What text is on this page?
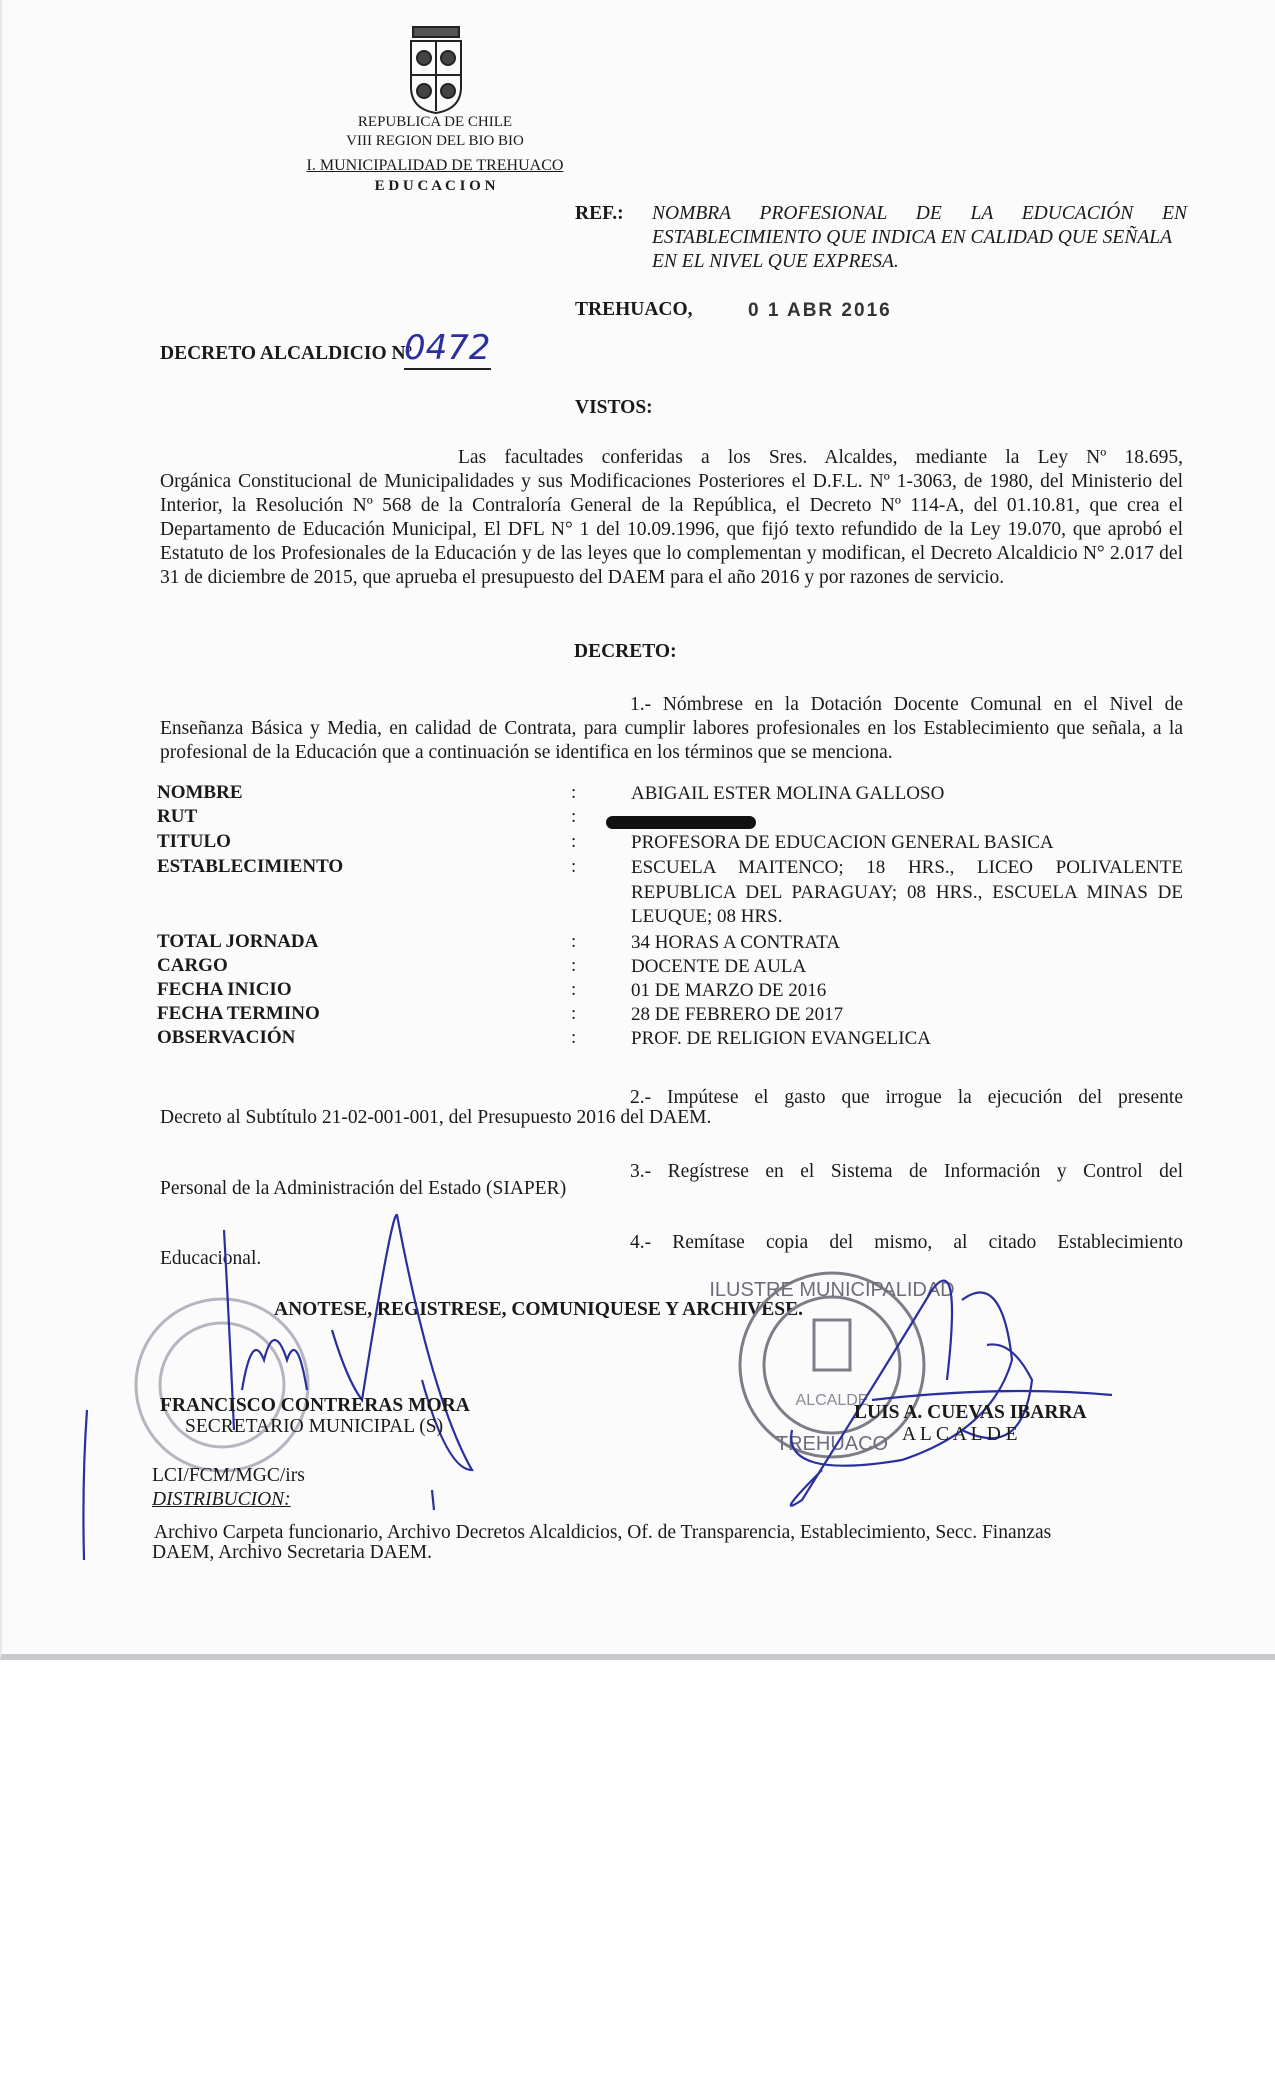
REPUBLICA DE CHILE
VIII REGION DEL BIO BIO
I. MUNICIPALIDAD DE TREHUACO
E D U C A C I O N
REF.: NOMBRA PROFESIONAL DE LA EDUCACIÓN EN
ESTABLECIMIENTO QUE INDICA EN CALIDAD QUE SEÑALA
EN EL NIVEL QUE EXPRESA.
TREHUACO,	0 1 ABR 2016
DECRETO ALCALDICIO Nº
0472
VISTOS:
Las facultades conferidas a los Sres. Alcaldes, mediante la Ley Nº 18.695,
Orgánica Constitucional de Municipalidades y sus Modificaciones Posteriores el D.F.L. Nº 1-3063, de 1980, del Ministerio del Interior, la Resolución Nº 568 de la Contraloría General de la República, el Decreto Nº 114-A, del 01.10.81, que crea el Departamento de Educación Municipal, El DFL N° 1 del 10.09.1996, que fijó texto refundido de la Ley 19.070, que aprobó el Estatuto de los Profesionales de la Educación y de las leyes que lo complementan y modifican, el Decreto Alcaldicio N° 2.017 del 31 de diciembre de 2015, que aprueba el presupuesto del DAEM para el año 2016 y por razones de servicio.
DECRETO:
1.- Nómbrese en la Dotación Docente Comunal en el Nivel de
Enseñanza Básica y Media, en calidad de Contrata, para cumplir labores profesionales en los Establecimiento que señala, a la profesional de la Educación que a continuación se identifica en los términos que se menciona.
NOMBRE	:	ABIGAIL ESTER MOLINA GALLOSO
RUT	:
TITULO	:	PROFESORA DE EDUCACION GENERAL BASICA
ESTABLECIMIENTO	:	ESCUELA MAITENCO; 18 HRS., LICEO POLIVALENTE REPUBLICA DEL PARAGUAY; 08 HRS., ESCUELA MINAS DE LEUQUE; 08 HRS.
TOTAL JORNADA	:	34 HORAS A CONTRATA
CARGO	:	DOCENTE DE AULA
FECHA INICIO	:	01 DE MARZO DE 2016
FECHA TERMINO	:	28 DE FEBRERO DE 2017
OBSERVACIÓN	:	PROF. DE RELIGION EVANGELICA
2.- Impútese el gasto que irrogue la ejecución del presente
Decreto al Subtítulo 21-02-001-001, del Presupuesto 2016 del DAEM.
3.- Regístrese en el Sistema de Información y Control del
Personal de la Administración del Estado (SIAPER)
4.- Remítase copia del mismo, al citado Establecimiento
Educacional.
ANOTESE, REGISTRESE, COMUNIQUESE Y ARCHIVESE.
ILUSTRE MUNICIPALIDAD
ALCALDE
TREHUACO
FRANCISCO CONTRERAS MORA
SECRETARIO MUNICIPAL (S)
LUIS A. CUEVAS IBARRA
A L C A L D E
LCI/FCM/MGC/irs
DISTRIBUCION:
Archivo Carpeta funcionario, Archivo Decretos Alcaldicios, Of. de Transparencia, Establecimiento, Secc. Finanzas
DAEM, Archivo Secretaria DAEM.
